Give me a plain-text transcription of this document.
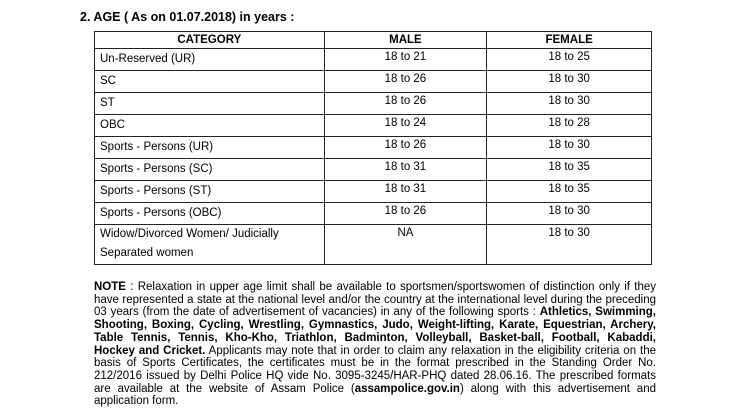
2. AGE ( As on 01.07.2018) in years :
CATEGORY	MALE	FEMALE
Un-Reserved (UR)	18 to 21	18 to 25
SC	18 to 26	18 to 30
ST	18 to 26	18 to 30
OBC	18 to 24	18 to 28
Sports - Persons (UR)	18 to 26	18 to 30
Sports - Persons (SC)	18 to 31	18 to 35
Sports - Persons (ST)	18 to 31	18 to 35
Sports - Persons (OBC)	18 to 26	18 to 30
Widow/Divorced Women/ Judicially Separated women	NA	18 to 30
NOTE : Relaxation in upper age limit shall be available to sportsmen/sportswomen of distinction only if they have represented a state at the national level and/or the country at the international level during the preceding 03 years (from the date of advertisement of vacancies) in any of the following sports : Athletics, Swimming, Shooting, Boxing, Cycling, Wrestling, Gymnastics, Judo, Weight-lifting, Karate, Equestrian, Archery, Table Tennis, Tennis, Kho-Kho, Triathlon, Badminton, Volleyball, Basket-ball, Football, Kabaddi, Hockey and Cricket. Applicants may note that in order to claim any relaxation in the eligibility criteria on the basis of Sports Certificates, the certificates must be in the format prescribed in the Standing Order No. 212/2016 issued by Delhi Police HQ vide No. 3095-3245/HAR-PHQ dated 28.06.16. The prescribed formats are available at the website of Assam Police (assampolice.gov.in) along with this advertisement and application form.
